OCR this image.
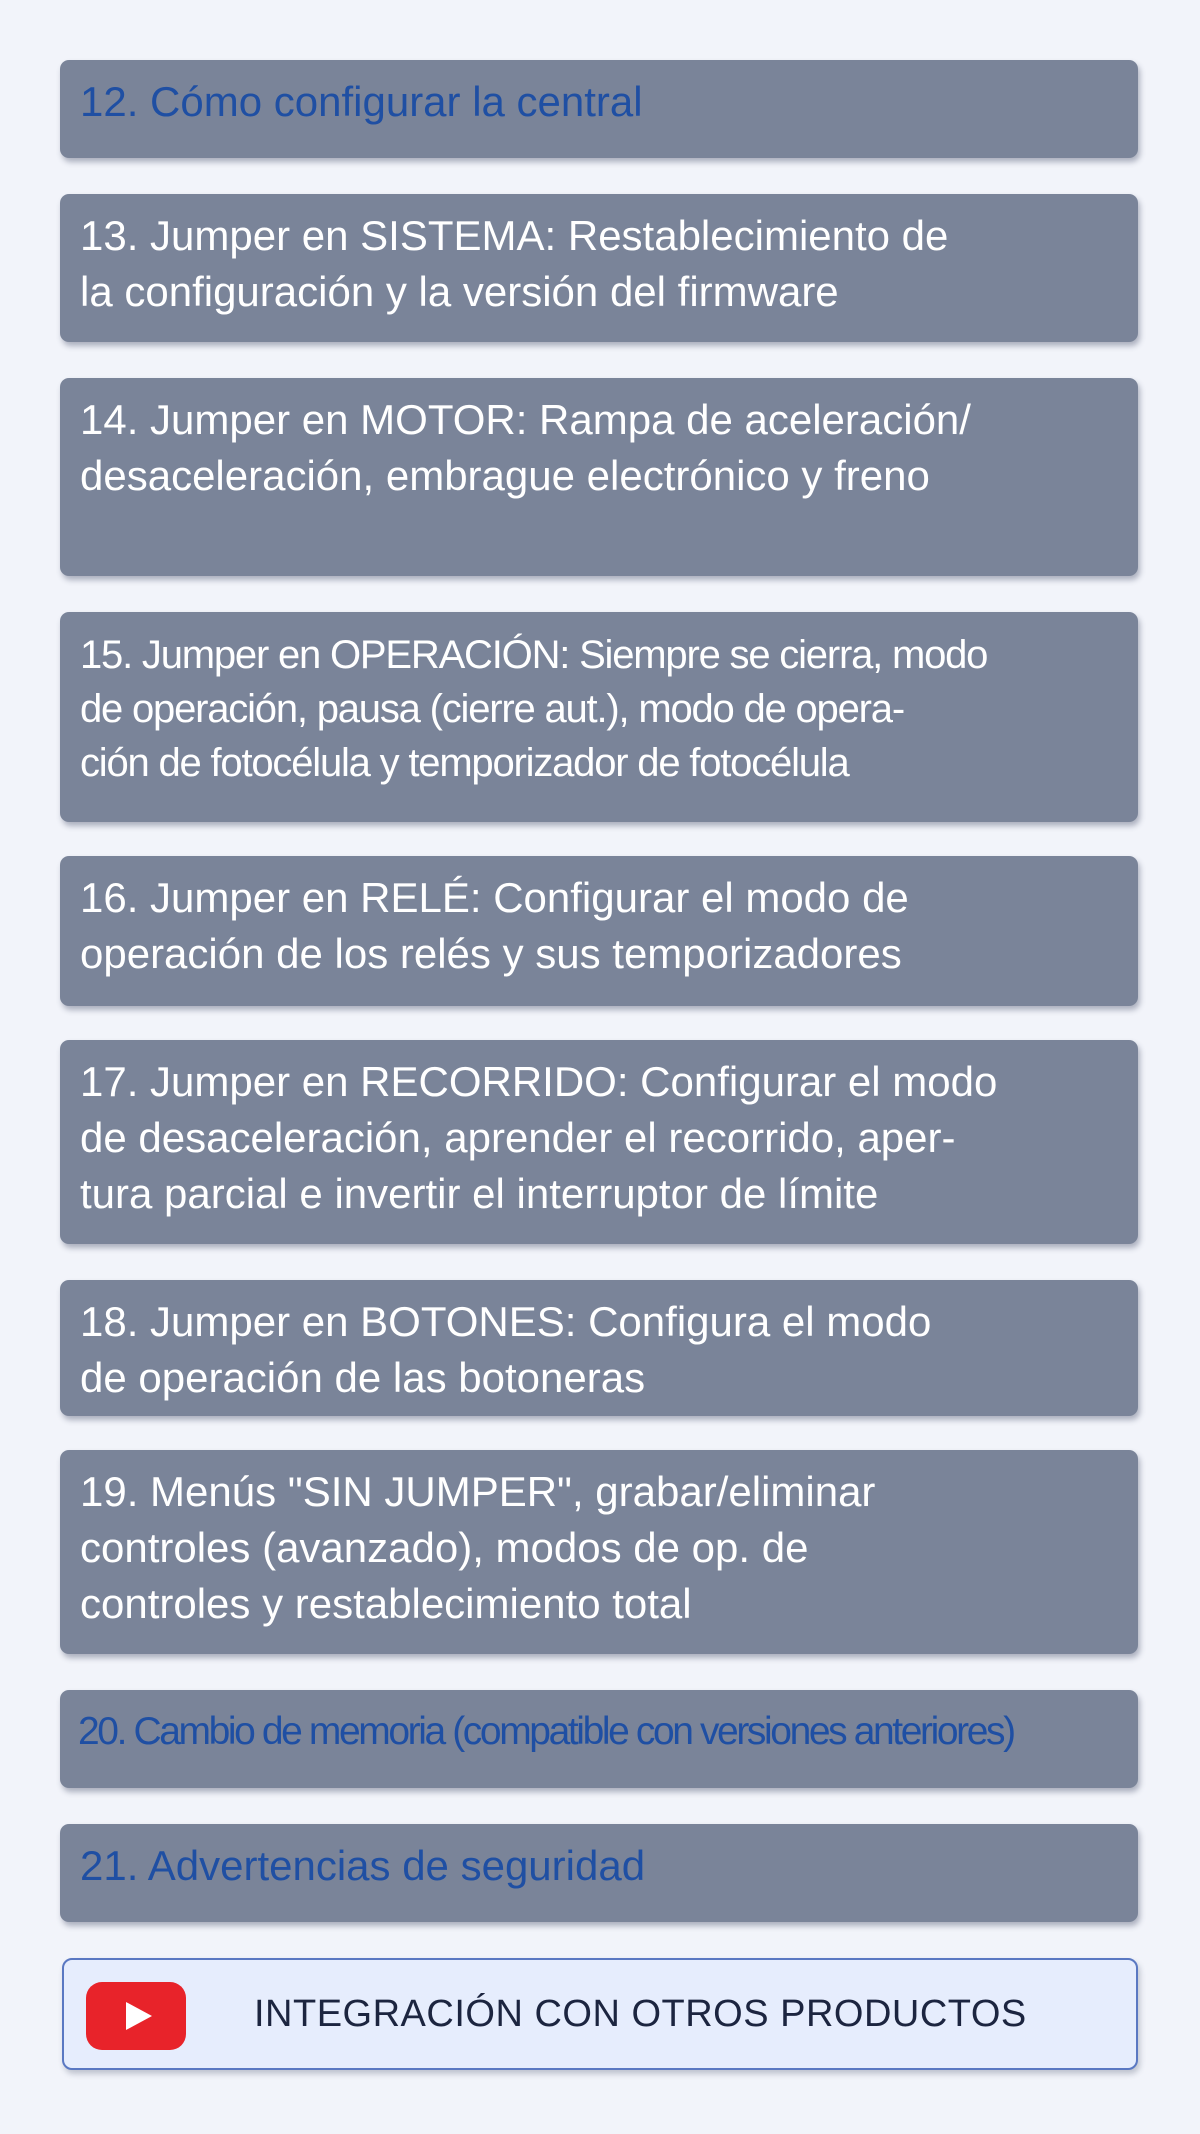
12. Cómo configurar la central
13. Jumper en SISTEMA: Restablecimiento de
la configuración y la versión del firmware
14. Jumper en MOTOR: Rampa de aceleración/
desaceleración, embrague electrónico y freno
15. Jumper en OPERACIÓN: Siempre se cierra, modo
de operación, pausa (cierre aut.), modo de opera-
ción de fotocélula y temporizador de fotocélula
16. Jumper en RELÉ: Configurar el modo de
operación de los relés y sus temporizadores
17. Jumper en RECORRIDO: Configurar el modo
de desaceleración, aprender el recorrido, aper-
tura parcial e invertir el interruptor de límite
18. Jumper en BOTONES: Configura el modo
de operación de las botoneras
19. Menús "SIN JUMPER", grabar/eliminar
controles (avanzado), modos de op. de
controles y restablecimiento total
20. Cambio de memoria (compatible con versiones anteriores)
21. Advertencias de seguridad
INTEGRACIÓN CON OTROS PRODUCTOS
